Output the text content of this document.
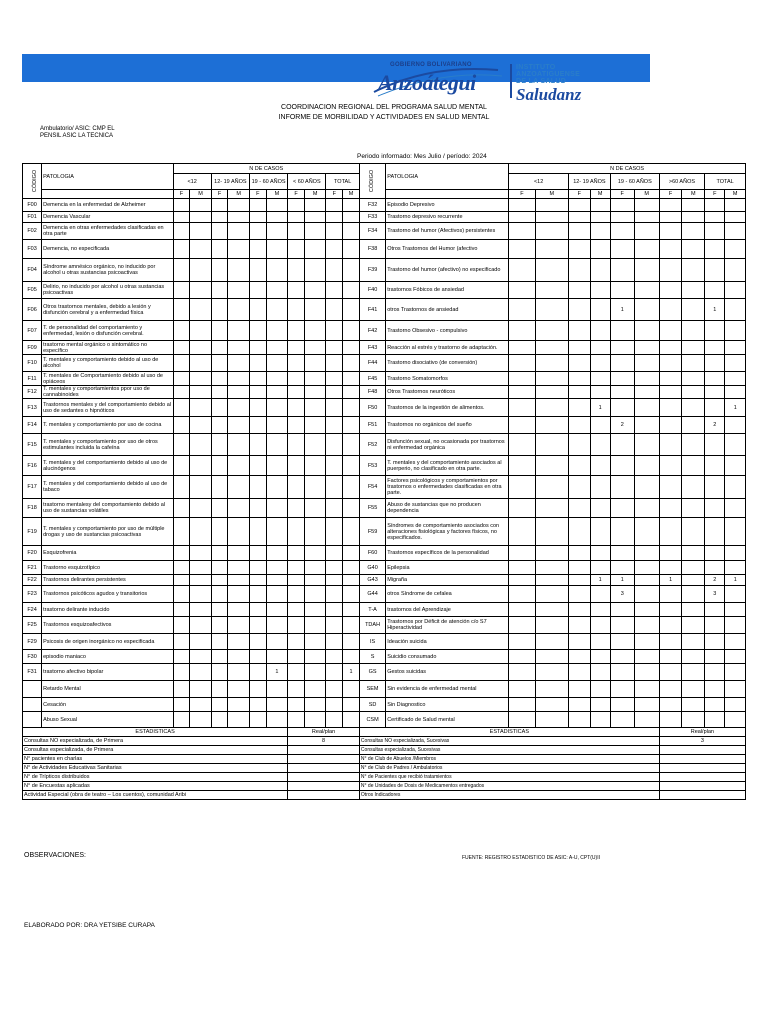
GOBIERNO BOLIVARIANO
Anzoátegui
INSTITUTO
ANZOATIGUENSE
DE LA SALUD
Saludanz
COORDINACION REGIONAL DEL PROGRAMA SALUD MENTAL
INFORME DE MORBILIDAD Y ACTIVIDADES EN SALUD MENTAL
Ambulatorio/ ASIC: CMP EL
PENSIL ASIC LA TECNICA
Periodo informado: Mes Julio / período: 2024
CÓDIGO	PATOLOGIA	N DE CASOS										CÓDIGO	PATOLOGIA	N DE CASOS									
		<12		12- 19 AÑOS		19 - 60 AÑOS		< 60 AÑOS		TOTAL				<12		12- 19 AÑOS		19 - 60 AÑOS		>60 AÑOS		TOTAL	
		F	M	F	M	F	M	F	M	F	M			F	M	F	M	F	M	F	M	F	M
F00	Demencia en la enfermedad de Alzheimer											F32	Episodio Depresivo										
F01	Demencia Vascular											F33	Trastorno depresivo recurrente										
F02	Demencia en otras enfermedades clasificadas en otra parte											F34	Trastorno del humor (Afectivos) persistentes										
F03	Demencia, no especificada											F38	Otros Trastornos del Humor (afectivo										
F04	Síndrome amnésico orgánico, no inducido por alcohol u otras sustancias psicoactivas											F39	Trastorno del humor (afectivo) no especificado										
F05	Delirio, no inducido por alcohol u otras sustancias psicoactivas											F40	trastornos Fóbicos de ansiedad										
F06	Otros trastornos mentales, debido a lesión y disfunción cerebral y a enfermedad física											F41	otros Trastornos de ansiedad					1				1	
F07	T. de personalidad del comportamiento y enfermedad, lesión o disfunción cerebral.											F42	Trastorno Obsesivo - compulsivo										
F09	trastorno mental orgánico o sintomático no específico											F43	Reacción al estrés y trastorno de adaptación.										
F10	T. mentales y comportamiento debido al uso de alcohol											F44	Trastorno disociativo (de conversión)										
F11	T. mentales de Comportamiento debido al uso de opiáceos											F45	Trastorno Somatomorfos										
F12	T. mentales y comportamientos ppor uso de cannabinoides											F48	Otros Trastornos neuróticos										
F13	Trastornos mentales y del comportamiento debido al uso de sedantes o hipnóticos											F50	Trastornos de la ingestión de alimentos.				1						1
F14	T. mentales y comportamiento por uso de cocina											F51	Trastornos no orgánicos del sueño					2				2	
F15	T. mentales y comportamiento por uso de otros estimulantes incluida la cafeína											F52	Disfunción sexual, no ocasionada por trastornos ni enfermedad orgánica										
F16	T. mentales y del comportamiento debido al uso de alucinógenos											F53	T. mentales y del comportamiento asociados al puerperio, no clasificado en otra parte.										
F17	T. mentales y del comportamiento debido al uso de tabaco											F54	Factores psicológicos y comportamientos por trastornos o enfermedades clasificadas en otra parte.										
F18	trastorno mentalesy del comportamiento debido al uso de sustancias volátiles											F55	Abuso de sustancias que no producen dependencia										
F19	T. mentales y comportamiento por uso de múltiple drogas y uso de sustancias psicoactivas											F59	Síndromes de comportamiento asociados con alteraciones fisiológicas y factores físicos, no especificados.										
F20	Esquizofrenia											F60	Trastornos específicos de la personalidad										
F21	Trastorno esquizotípico											G40	Epilepsia										
F22	Trastornos delirantes persistentes											G43	Migraña				1	1		1		2	1
F23	Trastornos psicóticos agudos y transitorios											G44	otros Síndrome de cefalea					3				3	
F24	trastorno delirante inducido											T-A	trastornos del Aprendizaje										
F25	Trastornos esquizoafectivos											TDAH	Trastornos por Déficit de atención c/o S7 Hiperactividad										
F29	Psicosis de origen inorgánico no especificada											IS	Ideación suicida										
F30	episodio maniaco											S	Suicidio consumado										
F31	trastorno afectivo bipolar						1				1	GS	Gestos suicidas										
	Retardo Mental											SEM	Sin evidencia de enfermedad mental										
	Cesación											SD	Sin Diagnostico										
	Abuso Sexual											CSM	Certificado de Salud mental										
ESTADISTICAS								Real/plan				ESTADISTICAS								Real/plan			
Consultas NO especializada, de Primera								8				Consultas NO especializada, Sucesivas								3			
Consultas especializada, de Primera												Consultas especializada, Sucesivas											
N° pacientes en charlas												N° de Club de Abuelos /Miembros											
N° de Actividades Educativas Sanitarias												N° de Club de Padres / Ambulatorios											
N° de Trípticos distribuidos												N° de Pacientes que recibió tratamientos											
N° de Encuestas aplicadas												N° de Unidades de Dosis de Medicamentos entregados											
Actividad Especial (obra de teatro – Los cuentos), comunidad Aribi												Otros Indicadores											
OBSERVACIONES:	FUENTE: REGISTRO ESTADISTICO DE ASIC: A-U, CPT(U)II
ELABORADO POR: DRA YETSIBE CURAPA
